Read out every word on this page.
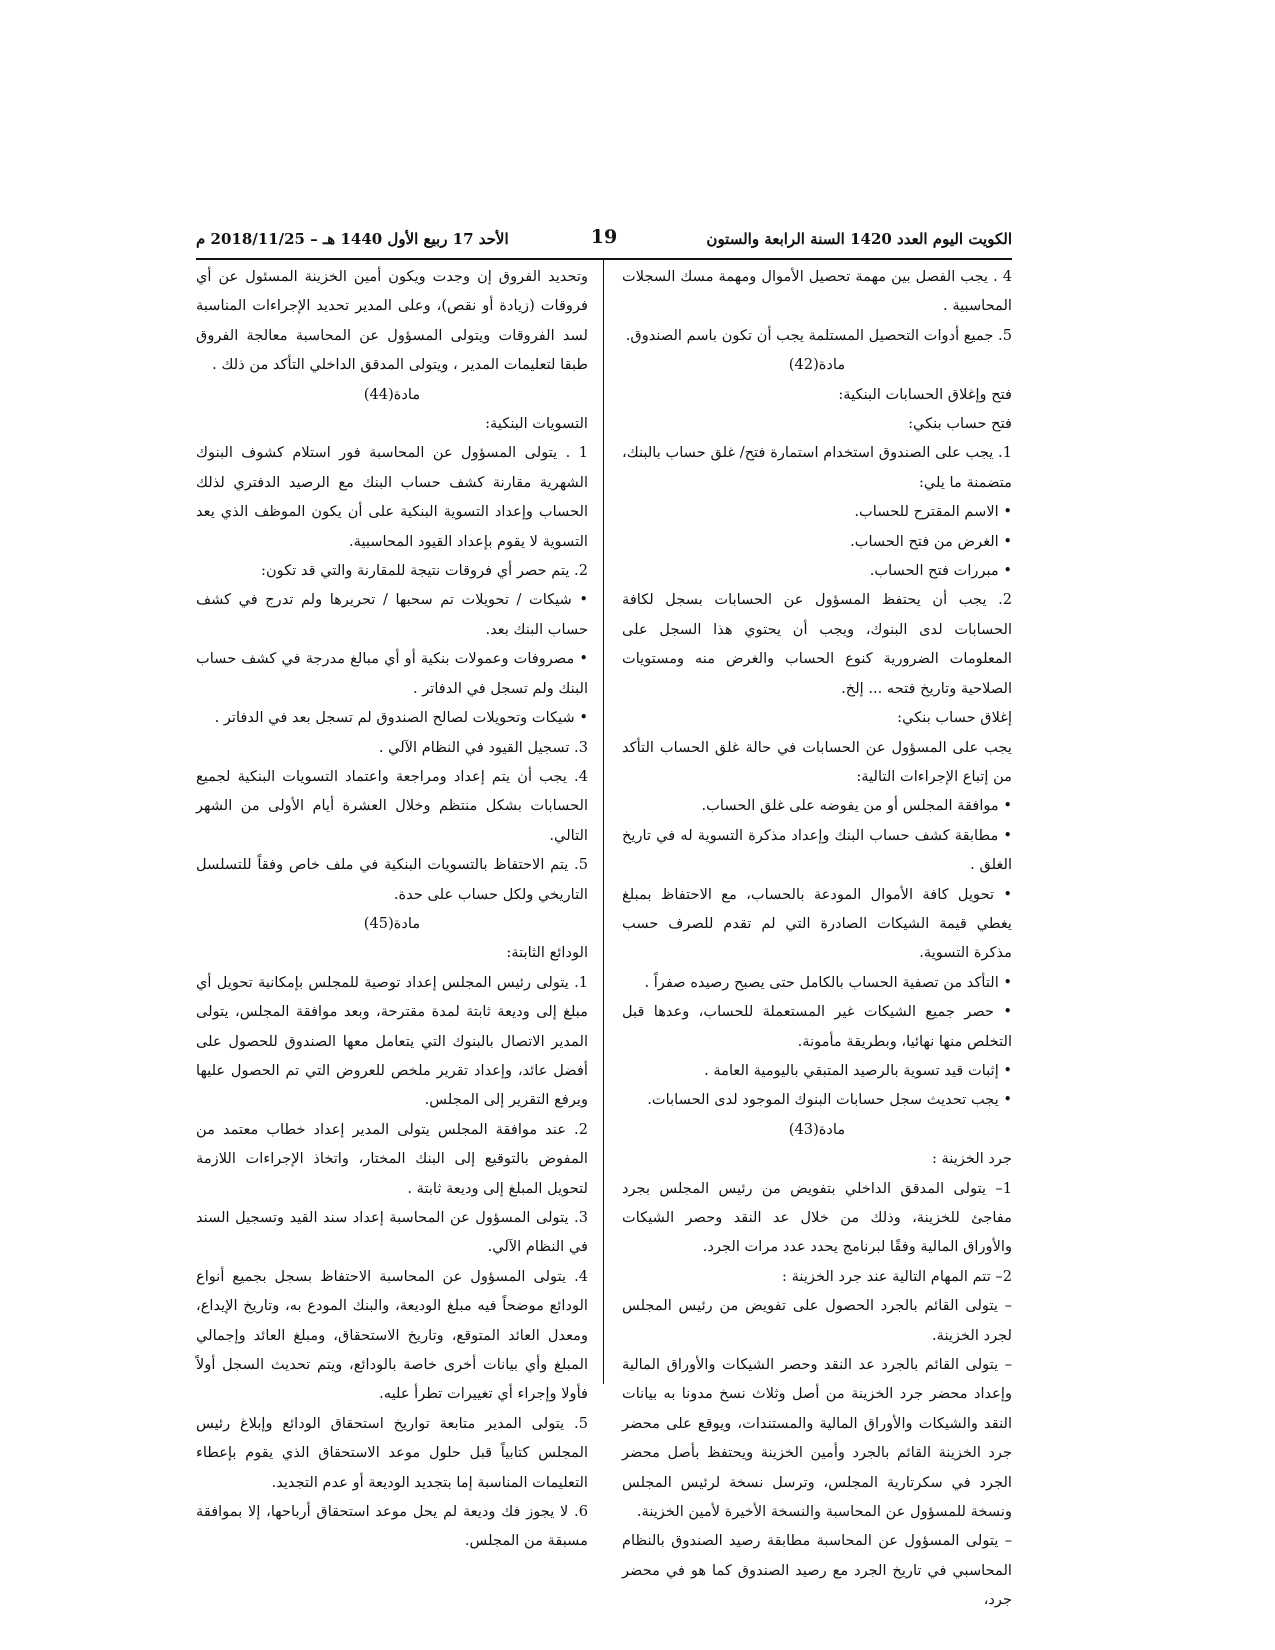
الكويت اليوم العدد 1420 السنة الرابعة والستون
19
الأحد 17 ربيع الأول 1440 هـ – 2018/11/25 م

4 . يجب الفصل بين مهمة تحصيل الأموال ومهمة مسك السجلات المحاسبية .

5. جميع أدوات التحصيل المستلمة يجب أن تكون باسم الصندوق.

مادة(42)

فتح وإغلاق الحسابات البنكية:

فتح حساب بنكي:

1. يجب على الصندوق استخدام استمارة فتح/ غلق حساب بالبنك، متضمنة ما يلي:

• الاسم المقترح للحساب.

• الغرض من فتح الحساب.

• مبررات فتح الحساب.

2. يجب أن يحتفظ المسؤول عن الحسابات بسجل لكافة الحسابات لدى البنوك، ويجب أن يحتوي هذا السجل على المعلومات الضرورية كنوع الحساب والغرض منه ومستويات الصلاحية وتاريخ فتحه ... إلخ.

إغلاق حساب بنكي:

يجب على المسؤول عن الحسابات في حالة غلق الحساب التأكد من إتباع الإجراءات التالية:

• موافقة المجلس أو من يفوضه على غلق الحساب.

• مطابقة كشف حساب البنك وإعداد مذكرة التسوية له في تاريخ الغلق .

• تحويل كافة الأموال المودعة بالحساب، مع الاحتفاظ بمبلغ يغطي قيمة الشيكات الصادرة التي لم تقدم للصرف حسب مذكرة التسوية.

• التأكد من تصفية الحساب بالكامل حتى يصبح رصيده صفراً .

• حصر جميع الشيكات غير المستعملة للحساب، وعدها قبل التخلص منها نهائيا، وبطريقة مأمونة.

• إثبات قيد تسوية بالرصيد المتبقي باليومية العامة .

• يجب تحديث سجل حسابات البنوك الموجود لدى الحسابات.

مادة(43)

جرد الخزينة :

1– يتولى المدقق الداخلي بتفويض من رئيس المجلس بجرد مفاجئ للخزينة، وذلك من خلال عد النقد وحصر الشيكات والأوراق المالية وفقًا لبرنامج يحدد عدد مرات الجرد.

2– تتم المهام التالية عند جرد الخزينة :

– يتولى القائم بالجرد الحصول على تفويض من رئيس المجلس لجرد الخزينة.

– يتولى القائم بالجرد عد النقد وحصر الشيكات والأوراق المالية وإعداد محضر جرد الخزينة من أصل وثلاث نسخ مدونا به بيانات النقد والشيكات والأوراق المالية والمستندات، ويوقع على محضر جرد الخزينة القائم بالجرد وأمين الخزينة ويحتفظ بأصل محضر الجرد في سكرتارية المجلس، وترسل نسخة لرئيس المجلس ونسخة للمسؤول عن المحاسبة والنسخة الأخيرة لأمين الخزينة.

– يتولى المسؤول عن المحاسبة مطابقة رصيد الصندوق بالنظام المحاسبي في تاريخ الجرد مع رصيد الصندوق كما هو في محضر جرد،

وتحديد الفروق إن وجدت ويكون أمين الخزينة المسئول عن أي فروقات (زيادة أو نقص)، وعلى المدير تحديد الإجراءات المناسبة لسد الفروقات ويتولى المسؤول عن المحاسبة معالجة الفروق طبقا لتعليمات المدير ، ويتولى المدقق الداخلي التأكد من ذلك .

مادة(44)

التسويات البنكية:

1 . يتولى المسؤول عن المحاسبة فور استلام كشوف البنوك الشهرية مقارنة كشف حساب البنك مع الرصيد الدفتري لذلك الحساب وإعداد التسوية البنكية على أن يكون الموظف الذي يعد التسوية لا يقوم بإعداد القيود المحاسبية.

2. يتم حصر أي فروقات نتيجة للمقارنة والتي قد تكون:

• شيكات / تحويلات تم سحبها / تحريرها ولم تدرج في كشف حساب البنك بعد.

• مصروفات وعمولات بنكية أو أي مبالغ مدرجة في كشف حساب البنك ولم تسجل في الدفاتر .

• شيكات وتحويلات لصالح الصندوق لم تسجل بعد في الدفاتر .

3. تسجيل القيود في النظام الآلي .

4. يجب أن يتم إعداد ومراجعة واعتماد التسويات البنكية لجميع الحسابات بشكل منتظم وخلال العشرة أيام الأولى من الشهر التالي.

5. يتم الاحتفاظ بالتسويات البنكية في ملف خاص وفقاً للتسلسل التاريخي ولكل حساب على حدة.

مادة(45)

الودائع الثابتة:

1. يتولى رئيس المجلس إعداد توصية للمجلس بإمكانية تحويل أي مبلغ إلى وديعة ثابتة لمدة مقترحة، وبعد موافقة المجلس، يتولى المدير الاتصال بالبنوك التي يتعامل معها الصندوق للحصول على أفضل عائد، وإعداد تقرير ملخص للعروض التي تم الحصول عليها ويرفع التقرير إلى المجلس.

2. عند موافقة المجلس يتولى المدير إعداد خطاب معتمد من المفوض بالتوقيع إلى البنك المختار، واتخاذ الإجراءات اللازمة لتحويل المبلغ إلى وديعة ثابتة .

3. يتولى المسؤول عن المحاسبة إعداد سند القيد وتسجيل السند في النظام الآلي.

4. يتولى المسؤول عن المحاسبة الاحتفاظ بسجل بجميع أنواع الودائع موضحاً فيه مبلغ الوديعة، والبنك المودع به، وتاريخ الإيداع، ومعدل العائد المتوقع، وتاريخ الاستحقاق، ومبلغ العائد وإجمالي المبلغ وأي بيانات أخرى خاصة بالودائع، ويتم تحديث السجل أولاً فأولا وإجراء أي تغييرات تطرأ عليه.

5. يتولى المدير متابعة تواريخ استحقاق الودائع وإبلاغ رئيس المجلس كتابياً قبل حلول موعد الاستحقاق الذي يقوم بإعطاء التعليمات المناسبة إما بتجديد الوديعة أو عدم التجديد.

6. لا يجوز فك وديعة لم يحل موعد استحقاق أرباحها، إلا بموافقة مسبقة من المجلس.
